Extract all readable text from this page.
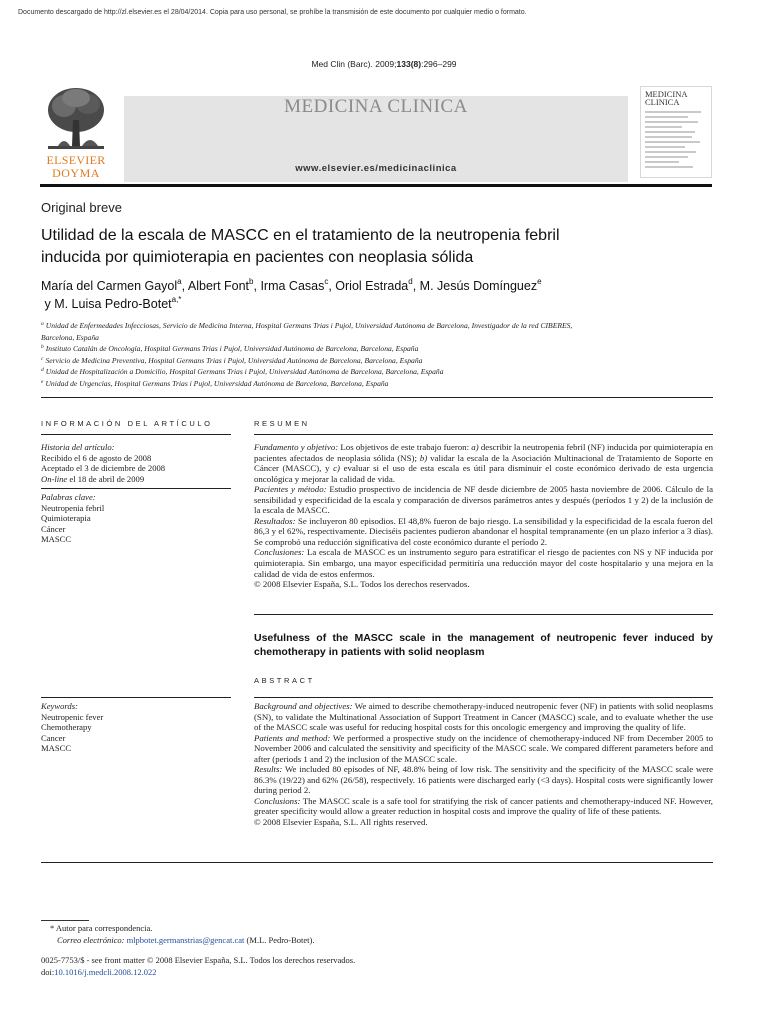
Documento descargado de http://zl.elsevier.es el 28/04/2014. Copia para uso personal, se prohíbe la transmisión de este documento por cualquier medio o formato.
Med Clin (Barc). 2009;133(8):296–299
ELSEVIER
DOYMA
MEDICINA CLINICA
www.elsevier.es/medicinaclinica
MEDICINA
CLINICA
Original breve
Utilidad de la escala de MASCC en el tratamiento de la neutropenia febril
inducida por quimioterapia en pacientes con neoplasia sólida
María del Carmen Gayol$^a$, Albert Font$^b$, Irma Casas$^c$, Oriol Estrada$^d$, M. Jesús Domínguez$^e$
y M. Luisa Pedro-Botet$^{a,*}$
$^a$ Unidad de Enfermedades Infecciosas, Servicio de Medicina Interna, Hospital Germans Trias i Pujol, Universidad Autónoma de Barcelona, Investigador de la red CIBERES,
Barcelona, España
$^b$ Instituto Catalán de Oncología, Hospital Germans Trias i Pujol, Universidad Autónoma de Barcelona, Barcelona, España
$^c$ Servicio de Medicina Preventiva, Hospital Germans Trias i Pujol, Universidad Autónoma de Barcelona, Barcelona, España
$^d$ Unidad de Hospitalización a Domicilio, Hospital Germans Trias i Pujol, Universidad Autónoma de Barcelona, Barcelona, España
$^e$ Unidad de Urgencias, Hospital Germans Trias i Pujol, Universidad Autónoma de Barcelona, Barcelona, España
INFORMACIÓN DEL ARTÍCULO	RESUMEN
Historia del artículo:
Recibido el 6 de agosto de 2008
Aceptado el 3 de diciembre de 2008
On-line el 18 de abril de 2009
Palabras clave:
Neutropenia febril
Quimioterapia
Cáncer
MASCC

Fundamento y objetivo: Los objetivos de este trabajo fueron: a) describir la neutropenia febril (NF) inducida por quimioterapia en pacientes afectados de neoplasia sólida (NS); b) validar la escala de la Asociación Multinacional de Tratamiento de Soporte en Cáncer (MASCC), y c) evaluar si el uso de esta escala es útil para disminuir el coste económico derivado de esta urgencia oncológica y mejorar la calidad de vida.

Pacientes y método: Estudio prospectivo de incidencia de NF desde diciembre de 2005 hasta noviembre de 2006. Cálculo de la sensibilidad y especificidad de la escala y comparación de diversos parámetros antes y después (períodos 1 y 2) de la inclusión de la escala de MASCC.

Resultados: Se incluyeron 80 episodios. El 48,8% fueron de bajo riesgo. La sensibilidad y la especificidad de la escala fueron del 86,3 y el 62%, respectivamente. Dieciséis pacientes pudieron abandonar el hospital tempranamente (en un plazo inferior a 3 días). Se comprobó una reducción significativa del coste económico durante el período 2.

Conclusiones: La escala de MASCC es un instrumento seguro para estratificar el riesgo de pacientes con NS y NF inducida por quimioterapia. Sin embargo, una mayor especificidad permitiría una reducción mayor del coste hospitalario y una mejora en la calidad de vida de estos enfermos.

© 2008 Elsevier España, S.L. Todos los derechos reservados.

Usefulness of the MASCC scale in the management of neutropenic fever induced by chemotherapy in patients with solid neoplasm
ABSTRACT
Keywords:
Neutropenic fever
Chemotherapy
Cancer
MASCC

Background and objectives: We aimed to describe chemotherapy-induced neutropenic fever (NF) in patients with solid neoplasms (SN), to validate the Multinational Association of Support Treatment in Cancer (MASCC) scale, and to evaluate whether the use of the MASCC scale was useful for reducing hospital costs for this oncologic emergency and improving the quality of life.

Patients and method: We performed a prospective study on the incidence of chemotherapy-induced NF from December 2005 to November 2006 and calculated the sensitivity and specificity of the MASCC scale. We compared different parameters before and after (periods 1 and 2) the inclusion of the MASCC scale.

Results: We included 80 episodes of NF, 48.8% being of low risk. The sensitivity and the specificity of the MASCC scale were 86.3% (19/22) and 62% (26/58), respectively. 16 patients were discharged early (<3 days). Hospital costs were significantly lower during period 2.

Conclusions: The MASCC scale is a safe tool for stratifying the risk of cancer patients and chemotherapy-induced NF. However, greater specificity would allow a greater reduction in hospital costs and improve the quality of life of these patients.

© 2008 Elsevier España, S.L. All rights reserved.

* Autor para correspondencia.
Correo electrónico: mlpbotet.germanstrias@gencat.cat (M.L. Pedro-Botet).
0025-7753/$ - see front matter © 2008 Elsevier España, S.L. Todos los derechos reservados.
doi:10.1016/j.medcli.2008.12.022
